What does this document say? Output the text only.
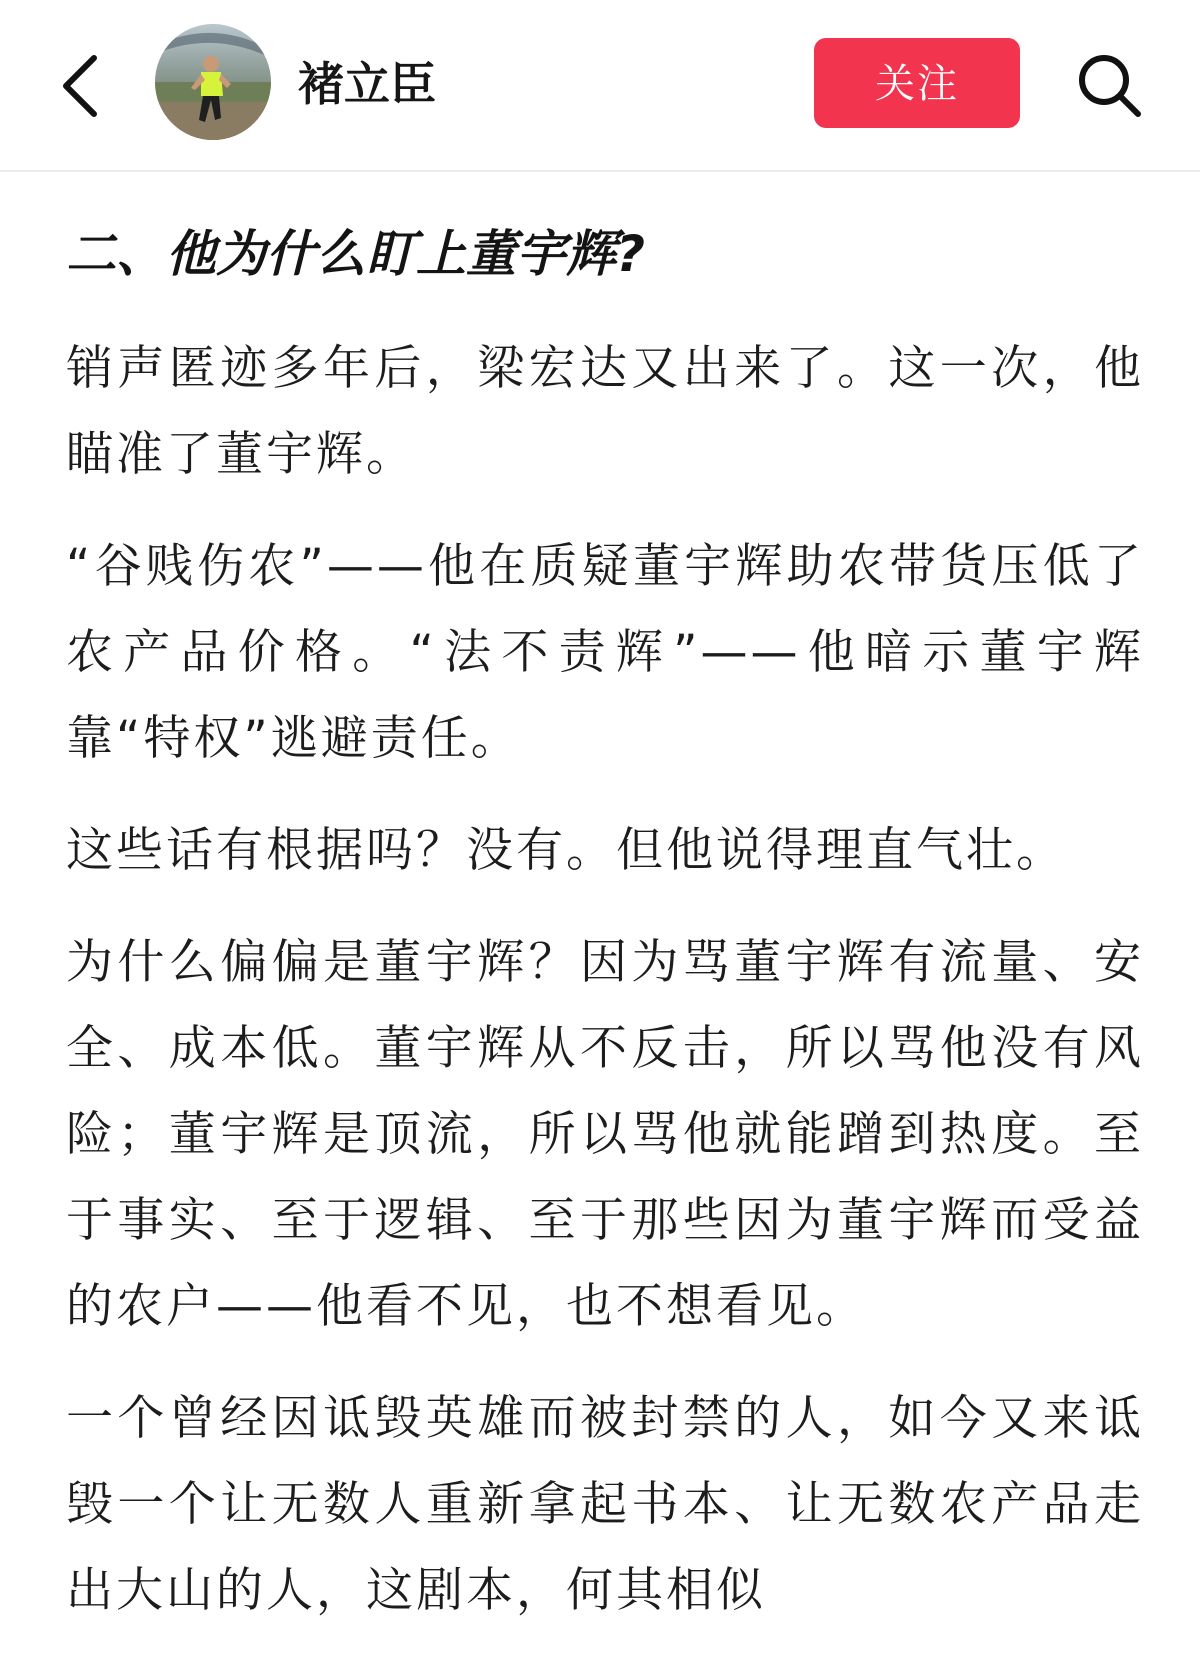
褚立臣	关注
二、他为什么盯上董宇辉?

销声匿迹多年后，梁宏达又出来了。这一次，他瞄准了董宇辉。

“谷贱伤农”——他在质疑董宇辉助农带货压低了农产品价格。“法不责辉”——他暗示董宇辉靠“特权”逃避责任。

这些话有根据吗？没有。但他说得理直气壮。

为什么偏偏是董宇辉？因为骂董宇辉有流量、安全、成本低。董宇辉从不反击，所以骂他没有风险；董宇辉是顶流，所以骂他就能蹭到热度。至于事实、至于逻辑、至于那些因为董宇辉而受益的农户——他看不见，也不想看见。

一个曾经因诋毁英雄而被封禁的人，如今又来诋毁一个让无数人重新拿起书本、让无数农产品走出大山的人，这剧本，何其相似
